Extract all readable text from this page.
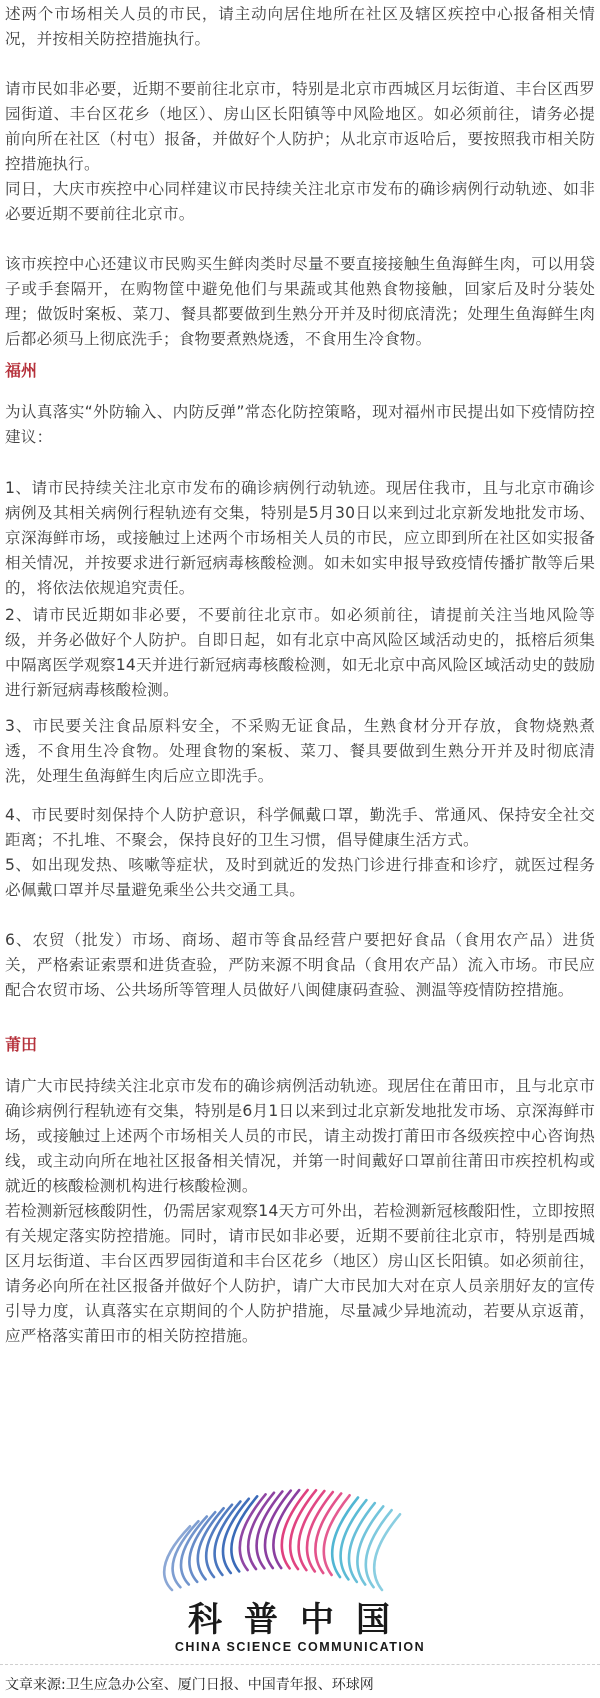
述两个市场相关人员的市民，请主动向居住地所在社区及辖区疾控中心报备相关情况，并按相关防控措施执行。

请市民如非必要，近期不要前往北京市，特别是北京市西城区月坛街道、丰台区西罗园街道、丰台区花乡（地区）、房山区长阳镇等中风险地区。如必须前往，请务必提前向所在社区（村屯）报备，并做好个人防护；从北京市返哈后，要按照我市相关防控措施执行。

同日，大庆市疾控中心同样建议市民持续关注北京市发布的确诊病例行动轨迹、如非必要近期不要前往北京市。

该市疾控中心还建议市民购买生鲜肉类时尽量不要直接接触生鱼海鲜生肉，可以用袋子或手套隔开，在购物筐中避免他们与果蔬或其他熟食物接触，回家后及时分装处理；做饭时案板、菜刀、餐具都要做到生熟分开并及时彻底清洗；处理生鱼海鲜生肉后都必须马上彻底洗手；食物要煮熟烧透，不食用生冷食物。

福州

为认真落实“外防输入、内防反弹”常态化防控策略，现对福州市民提出如下疫情防控建议：

1、请市民持续关注北京市发布的确诊病例行动轨迹。现居住我市，且与北京市确诊病例及其相关病例行程轨迹有交集，特别是5月30日以来到过北京新发地批发市场、京深海鲜市场，或接触过上述两个市场相关人员的市民，应立即到所在社区如实报备相关情况，并按要求进行新冠病毒核酸检测。如未如实申报导致疫情传播扩散等后果的，将依法依规追究责任。

2、请市民近期如非必要，不要前往北京市。如必须前往，请提前关注当地风险等级，并务必做好个人防护。自即日起，如有北京中高风险区域活动史的，抵榕后须集中隔离医学观察14天并进行新冠病毒核酸检测，如无北京中高风险区域活动史的鼓励进行新冠病毒核酸检测。

3、市民要关注食品原料安全，不采购无证食品，生熟食材分开存放，食物烧熟煮透，不食用生冷食物。处理食物的案板、菜刀、餐具要做到生熟分开并及时彻底清洗，处理生鱼海鲜生肉后应立即洗手。

4、市民要时刻保持个人防护意识，科学佩戴口罩，勤洗手、常通风、保持安全社交距离；不扎堆、不聚会，保持良好的卫生习惯，倡导健康生活方式。

5、如出现发热、咳嗽等症状，及时到就近的发热门诊进行排查和诊疗，就医过程务必佩戴口罩并尽量避免乘坐公共交通工具。

6、农贸（批发）市场、商场、超市等食品经营户要把好食品（食用农产品）进货关，严格索证索票和进货查验，严防来源不明食品（食用农产品）流入市场。市民应配合农贸市场、公共场所等管理人员做好八闽健康码查验、测温等疫情防控措施。

莆田

请广大市民持续关注北京市发布的确诊病例活动轨迹。现居住在莆田市，且与北京市确诊病例行程轨迹有交集，特别是6月1日以来到过北京新发地批发市场、京深海鲜市场，或接触过上述两个市场相关人员的市民，请主动拨打莆田市各级疾控中心咨询热线，或主动向所在地社区报备相关情况，并第一时间戴好口罩前往莆田市疾控机构或就近的核酸检测机构进行核酸检测。

若检测新冠核酸阴性，仍需居家观察14天方可外出，若检测新冠核酸阳性，立即按照有关规定落实防控措施。同时，请市民如非必要，近期不要前往北京市，特别是西城区月坛街道、丰台区西罗园街道和丰台区花乡（地区）房山区长阳镇。如必须前往，请务必向所在社区报备并做好个人防护，请广大市民加大对在京人员亲朋好友的宣传引导力度，认真落实在京期间的个人防护措施，尽量减少异地流动，若要从京返莆，应严格落实莆田市的相关防控措施。

科普中国
CHINA SCIENCE COMMUNICATION
文章来源:卫生应急办公室、厦门日报、中国青年报、环球网
